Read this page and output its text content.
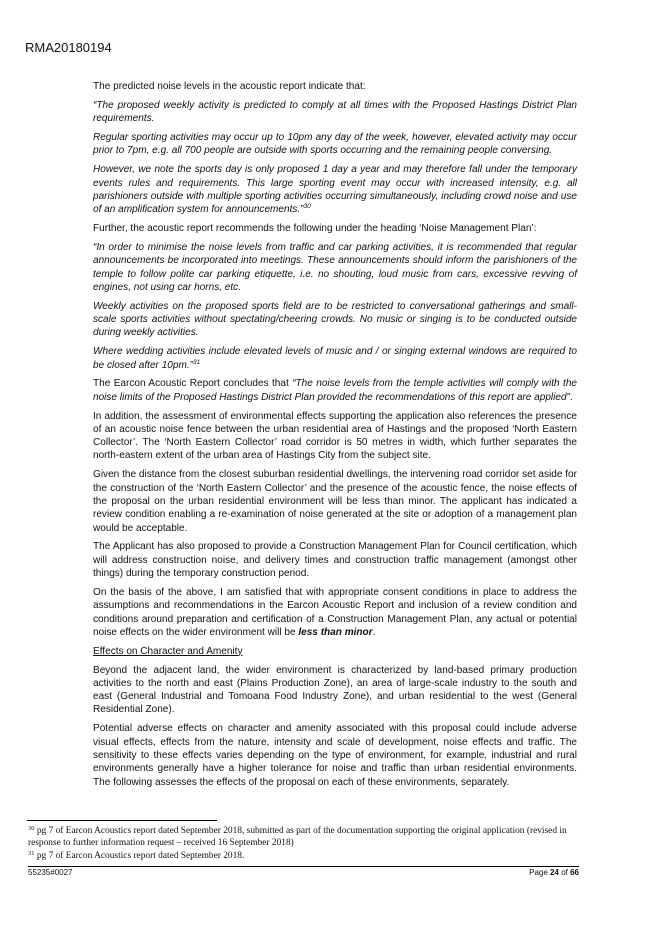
RMA20180194

The predicted noise levels in the acoustic report indicate that:

“The proposed weekly activity is predicted to comply at all times with the Proposed Hastings District Plan requirements.

Regular sporting activities may occur up to 10pm any day of the week, however, elevated activity may occur prior to 7pm, e.g. all 700 people are outside with sports occurring and the remaining people conversing.

However, we note the sports day is only proposed 1 day a year and may therefore fall under the temporary events rules and requirements. This large sporting event may occur with increased intensity, e.g. all parishioners outside with multiple sporting activities occurring simultaneously, including crowd noise and use of an amplification system for announcements.”$^{30}$

Further, the acoustic report recommends the following under the heading ‘Noise Management Plan’:

“In order to minimise the noise levels from traffic and car parking activities, it is recommended that regular announcements be incorporated into meetings. These announcements should inform the parishioners of the temple to follow polite car parking etiquette, i.e. no shouting, loud music from cars, excessive revving of engines, not using car horns, etc.

Weekly activities on the proposed sports field are to be restricted to conversational gatherings and small-scale sports activities without spectating/cheering crowds. No music or singing is to be conducted outside during weekly activities.

Where wedding activities include elevated levels of music and / or singing external windows are required to be closed after 10pm.”$^{31}$

The Earcon Acoustic Report concludes that “The noise levels from the temple activities will comply with the noise limits of the Proposed Hastings District Plan provided the recommendations of this report are applied”.

In addition, the assessment of environmental effects supporting the application also references the presence of an acoustic noise fence between the urban residential area of Hastings and the proposed ‘North Eastern Collector’. The ‘North Eastern Collector’ road corridor is 50 metres in width, which further separates the north-eastern extent of the urban area of Hastings City from the subject site.

Given the distance from the closest suburban residential dwellings, the intervening road corridor set aside for the construction of the ‘North Eastern Collector’ and the presence of the acoustic fence, the noise effects of the proposal on the urban residential environment will be less than minor. The applicant has indicated a review condition enabling a re-examination of noise generated at the site or adoption of a management plan would be acceptable.

The Applicant has also proposed to provide a Construction Management Plan for Council certification, which will address construction noise, and delivery times and construction traffic management (amongst other things) during the temporary construction period.

On the basis of the above, I am satisfied that with appropriate consent conditions in place to address the assumptions and recommendations in the Earcon Acoustic Report and inclusion of a review condition and conditions around preparation and certification of a Construction Management Plan, any actual or potential noise effects on the wider environment will be less than minor.

Effects on Character and Amenity

Beyond the adjacent land, the wider environment is characterized by land-based primary production activities to the north and east (Plains Production Zone), an area of large-scale industry to the south and east (General Industrial and Tomoana Food Industry Zone), and urban residential to the west (General Residential Zone).

Potential adverse effects on character and amenity associated with this proposal could include adverse visual effects, effects from the nature, intensity and scale of development, noise effects and traffic. The sensitivity to these effects varies depending on the type of environment, for example, industrial and rural environments generally have a higher tolerance for noise and traffic than urban residential environments. The following assesses the effects of the proposal on each of these environments, separately.

$^{30}$ pg 7 of Earcon Acoustics report dated September 2018, submitted as part of the documentation supporting the original application (revised in response to further information request – received 16 September 2018)
$^{31}$ pg 7 of Earcon Acoustics report dated September 2018.
55235#0027	Page 24 of 66
